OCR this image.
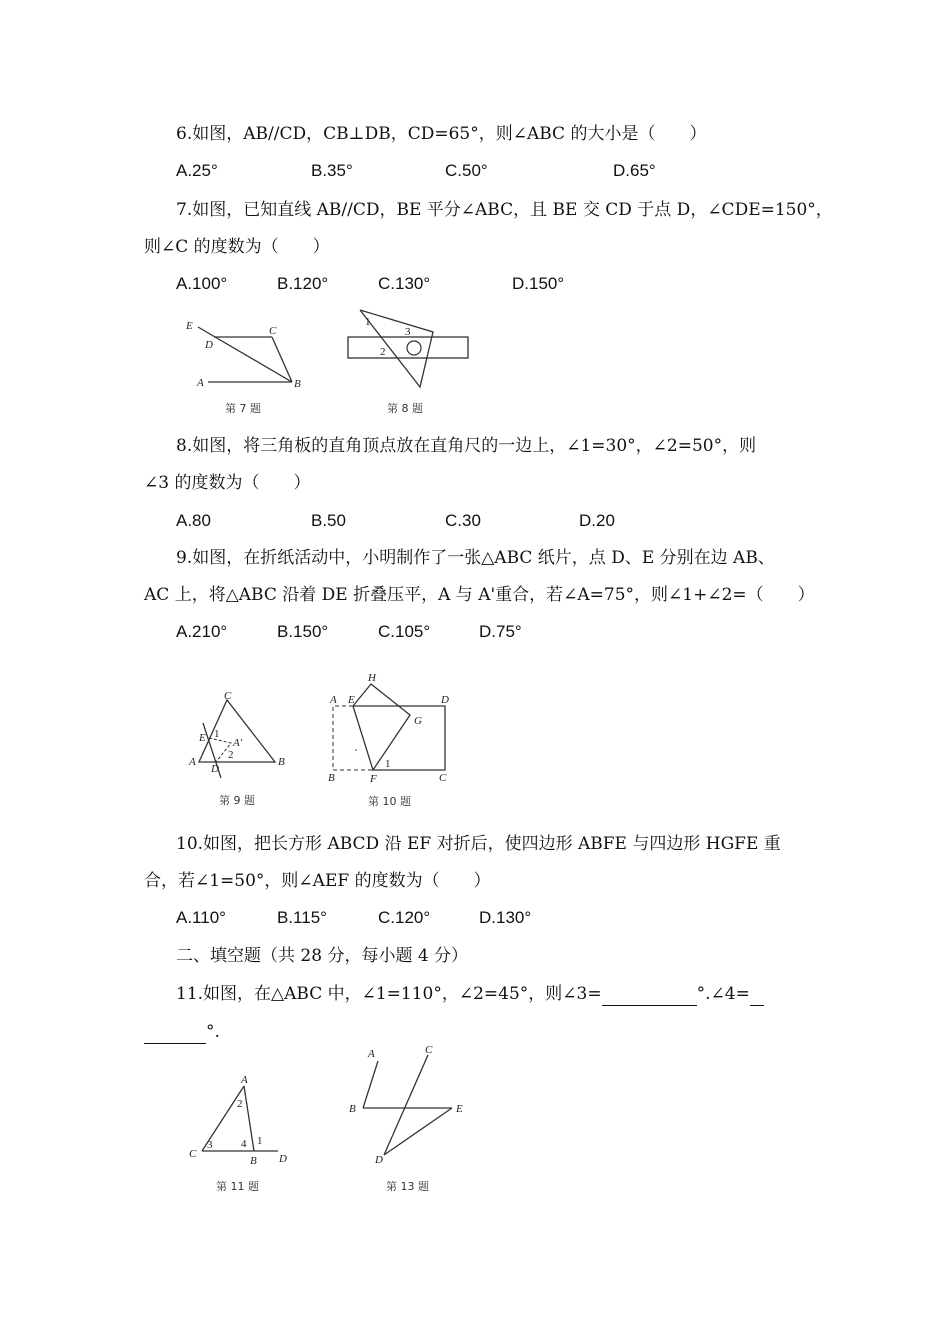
6.如图，AB//CD，CB⊥DB，CD=65°，则∠ABC 的大小是（　　）
A.25°	B.35°	C.50°	D.65°
7.如图，已知直线 AB//CD，BE 平分∠ABC，且 BE 交 CD 于点 D，∠CDE=150°，
则∠C 的度数为（　　）
A.100°	B.120°	C.130°	D.150°
E
D
C
A	B
第 7 题
1
2
3
第 8 题
8.如图，将三角板的直角顶点放在直角尺的一边上，∠1=30°，∠2=50°，则
∠3 的度数为（　　）
A.80	B.50	C.30	D.20
9.如图，在折纸活动中，小明制作了一张△ABC 纸片，点 D、E 分别在边 AB、
AC 上，将△ABC 沿着 DE 折叠压平，A 与 A'重合，若∠A=75°，则∠1+∠2=（　　）
A.210°	B.150°	C.105°	D.75°
C
E 1
A'
A
D
2
B
第 9 题
H
A E	D
G
B	F
1
C
第 10 题
10.如图，把长方形 ABCD 沿 EF 对折后，使四边形 ABFE 与四边形 HGFE 重
合，若∠1=50°，则∠AEF 的度数为（　　）
A.110°	B.115°	C.120°	D.130°
二、填空题（共 28 分，每小题 4 分）
11.如图，在△ABC 中，∠1=110°，∠2=45°，则∠3=	°.∠4=
°.
A
2
C
3	4 1
B D
第 11 题
A	C
B	E
D
第 13 题
